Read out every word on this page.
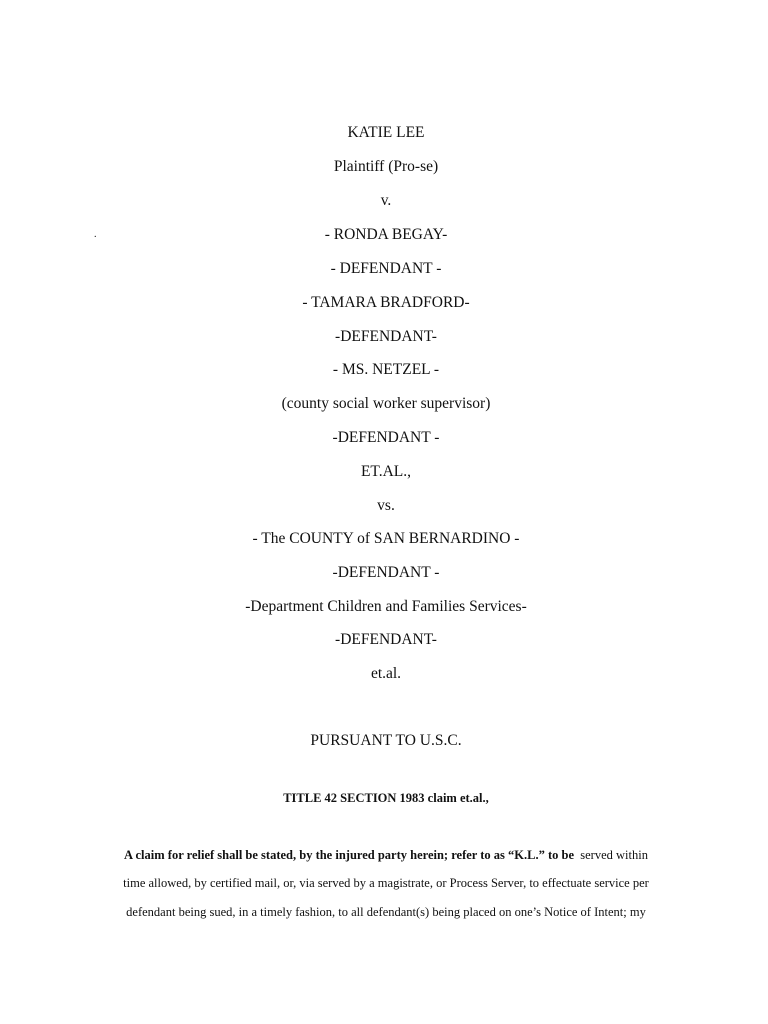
KATIE LEE
Plaintiff (Pro-se)
v.
.	- RONDA BEGAY-
- DEFENDANT -
- TAMARA BRADFORD-
-DEFENDANT-
- MS. NETZEL -
(county social worker supervisor)
-DEFENDANT -
ET.AL.,
vs.
- The COUNTY of SAN BERNARDINO -
-DEFENDANT -
-Department Children and Families Services-
-DEFENDANT-
et.al.
PURSUANT TO U.S.C.
TITLE 42 SECTION 1983 claim et.al.,
A claim for relief shall be stated, by the injured party herein; refer to as “K.L.” to be  served within
time allowed, by certified mail, or, via served by a magistrate, or Process Server, to effectuate service per
defendant being sued, in a timely fashion, to all defendant(s) being placed on one’s Notice of Intent; my
